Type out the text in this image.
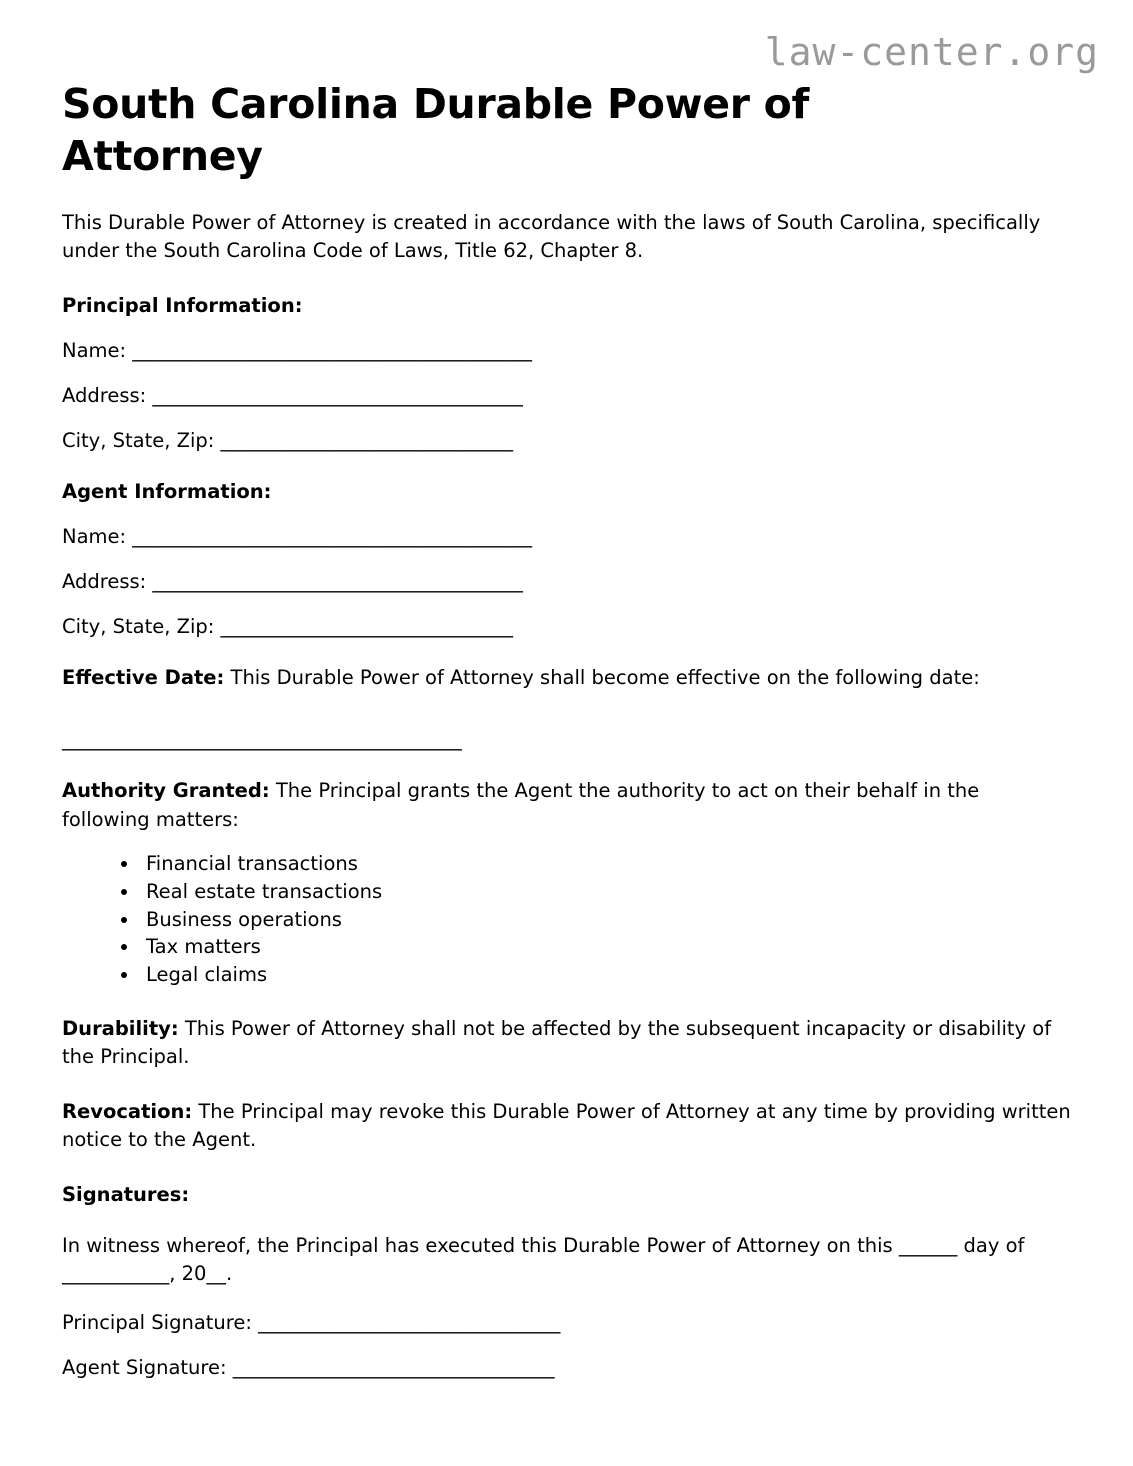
law-center.org
South Carolina Durable Power of Attorney

This Durable Power of Attorney is created in accordance with the laws of South Carolina, specifically under the South Carolina Code of Laws, Title 62, Chapter 8.

Principal Information:

Name: _________________________________________

Address: ______________________________________

City, State, Zip: ______________________________

Agent Information:

Name: _________________________________________

Address: ______________________________________

City, State, Zip: ______________________________

Effective Date: This Durable Power of Attorney shall become effective on the following date:

_________________________________________

Authority Granted: The Principal grants the Agent the authority to act on their behalf in the following matters:

• Financial transactions
• Real estate transactions
• Business operations
• Tax matters
• Legal claims

Durability: This Power of Attorney shall not be affected by the subsequent incapacity or disability of the Principal.

Revocation: The Principal may revoke this Durable Power of Attorney at any time by providing written notice to the Agent.

Signatures:

In witness whereof, the Principal has executed this Durable Power of Attorney on this ______ day of ___________, 20__.

Principal Signature: _______________________________

Agent Signature: _________________________________
